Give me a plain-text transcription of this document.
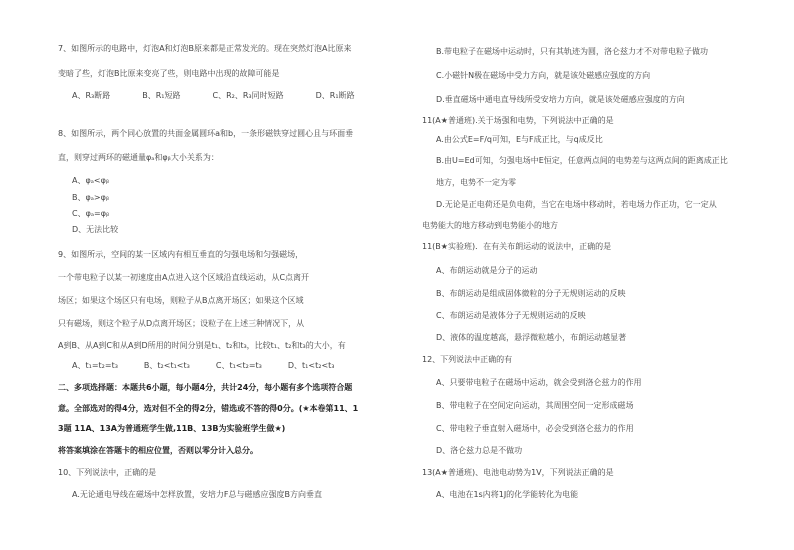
7、如图所示的电路中，灯泡A和灯泡B原来都是正常发光的。现在突然灯泡A比原来
变暗了些，灯泡B比原来变亮了些，则电路中出现的故障可能是
A、R₃断路	B、R₁短路	C、R₂、R₃同时短路	D、R₁断路
8、如图所示，两个同心放置的共面金属圆环a和b，一条形磁铁穿过圆心且与环面垂
直，则穿过两环的磁通量φₐ和φᵦ大小关系为：
A、φₐ<φᵦ
B、φₐ>φᵦ
C、φₐ=φᵦ
D、无法比较
9、如图所示，空间的某一区域内有相互垂直的匀强电场和匀强磁场，
一个带电粒子以某一初速度由A点进入这个区域沿直线运动，从C点离开
场区；如果这个场区只有电场，则粒子从B点离开场区；如果这个区域
只有磁场，则这个粒子从D点离开场区；设粒子在上述三种情况下，从
A到B、从A到C和从A到D所用的时间分别是t₁、t₂和t₃，比较t₁、t₂和t₃的大小，有
A、t₁=t₂=t₃	B、t₂<t₁<t₃	C、t₁<t₂=t₃	D、t₁<t₂<t₃
二、多项选择题：本题共6小题，每小题4分，共计24分，每小题有多个选项符合题
意。全部选对的得4分，选对但不全的得2分，错选或不答的得0分。(★本卷第11、1
3题 11A、13A为普通班学生做,11B、13B为实验班学生做★)
将答案填涂在答题卡的相应位置，否则以零分计入总分。
10、下列说法中，正确的是
A.无论通电导线在磁场中怎样放置，安培力F总与磁感应强度B方向垂直
B.带电粒子在磁场中运动时，只有其轨迹为圆，洛仑兹力才不对带电粒子做功
C.小磁针N极在磁场中受力方向，就是该处磁感应强度的方向
D.垂直磁场中通电直导线所受安培力方向，就是该处磁感应强度的方向
11(A★普通班).关于场强和电势，下列说法中正确的是
A.由公式E=F/q可知，E与F成正比，与q成反比
B.由U=Ed可知，匀强电场中E恒定，任意两点间的电势差与这两点间的距离成正比
地方，电势不一定为零
D.无论是正电荷还是负电荷，当它在电场中移动时，若电场力作正功，它一定从
电势能大的地方移动到电势能小的地方
11(B★实验班)．在有关布朗运动的说法中，正确的是
A、布朗运动就是分子的运动
B、布朗运动是组成固体微粒的分子无规则运动的反映
C、布朗运动是液体分子无规则运动的反映
D、液体的温度越高，悬浮微粒越小，布朗运动越显著
12、下列说法中正确的有
A、只要带电粒子在磁场中运动，就会受到洛仑兹力的作用
B、带电粒子在空间定向运动，其周围空间一定形成磁场
C、带电粒子垂直射入磁场中，必会受到洛仑兹力的作用
D、洛仑兹力总是不做功
13(A★普通班)、电池电动势为1V，下列说法正确的是
A、电池在1s内将1J的化学能转化为电能
